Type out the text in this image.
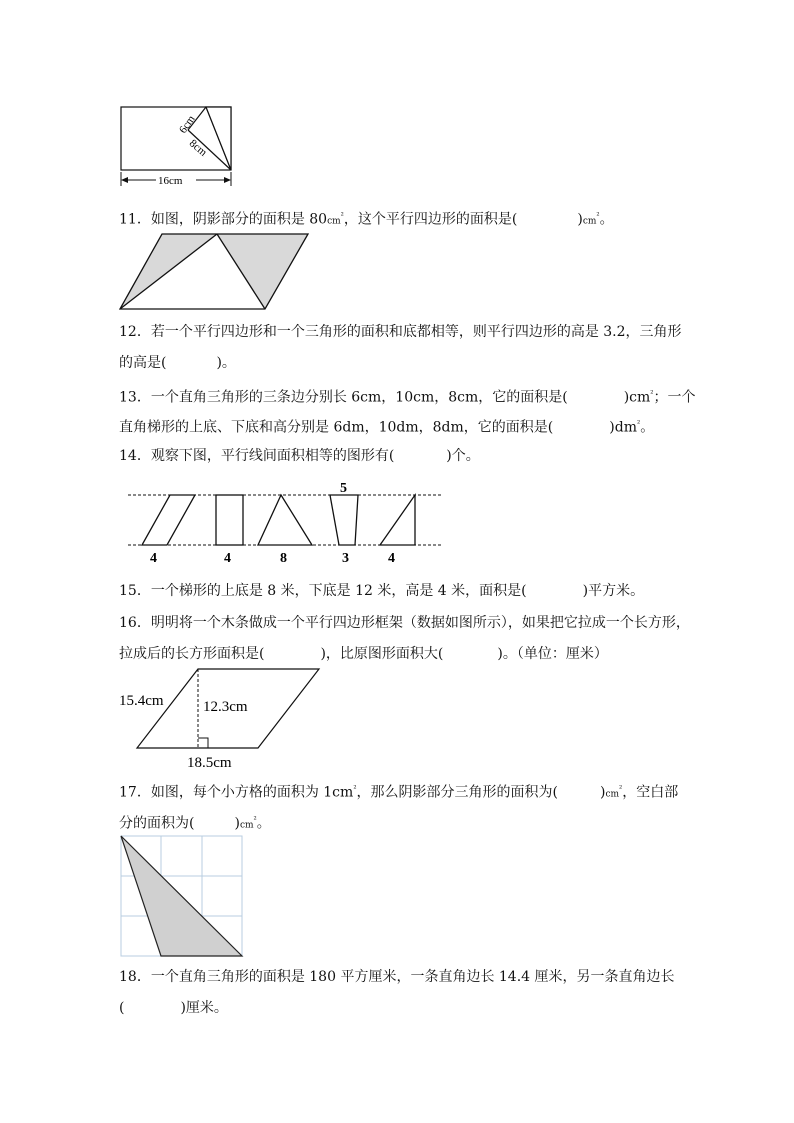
6cm
8cm
16cm
11．如图，阴影部分的面积是 $80cm^{^2}$，这个平行四边形的面积是(	)$cm^{^2}$。
12．若一个平行四边形和一个三角形的面积和底都相等，则平行四边形的高是 3.2，三角形
的高是(	)。
13．一个直角三角形的三条边分别长 6cm，10cm，8cm，它的面积是(	)$cm^{^2}$；一个
直角梯形的上底、下底和高分别是 6dm，10dm，8dm，它的面积是(	)$dm^{^2}$。
14．观察下图，平行线间面积相等的图形有(	)个。
5
4	4	8	3	4
15．一个梯形的上底是 8 米，下底是 12 米，高是 4 米，面积是(	)平方米。
16．明明将一个木条做成一个平行四边形框架（数据如图所示），如果把它拉成一个长方形，
拉成后的长方形面积是(	)，比原图形面积大(	)。（单位：厘米）
15.4cm	12.3cm
18.5cm
17．如图，每个小方格的面积为 $1cm^{^2}$，那么阴影部分三角形的面积为(	)$cm^{^2}$，空白部
分的面积为(	)$cm^{^2}$。
18．一个直角三角形的面积是 180 平方厘米，一条直角边长 14.4 厘米，另一条直角边长
(	)厘米。
